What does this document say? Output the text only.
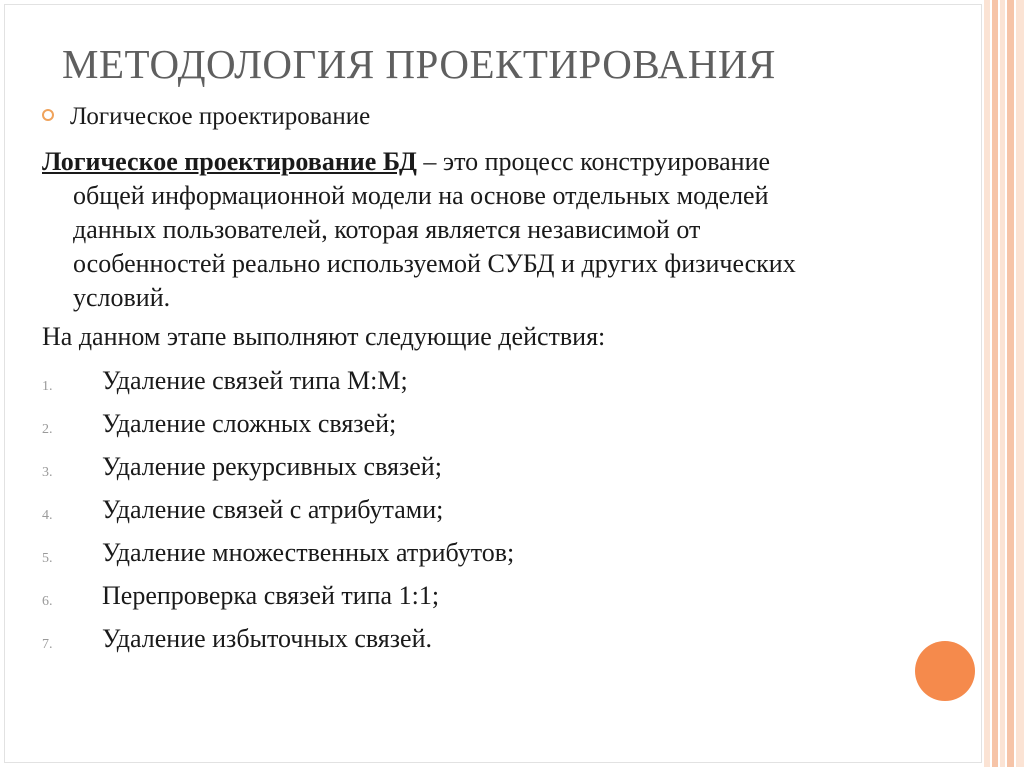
МЕТОДОЛОГИЯ ПРОЕКТИРОВАНИЯ
Логическое проектирование
Логическое проектирование БД – это процесс конструирование
общей информационной модели на основе отдельных моделей
данных пользователей, которая является независимой от
особенностей реально используемой СУБД и других физических
условий.
На данном этапе выполняют следующие действия:
1. Удаление связей типа М:М;
2. Удаление сложных связей;
3. Удаление рекурсивных связей;
4. Удаление связей с атрибутами;
5. Удаление множественных атрибутов;
6. Перепроверка связей типа 1:1;
7. Удаление избыточных связей.
